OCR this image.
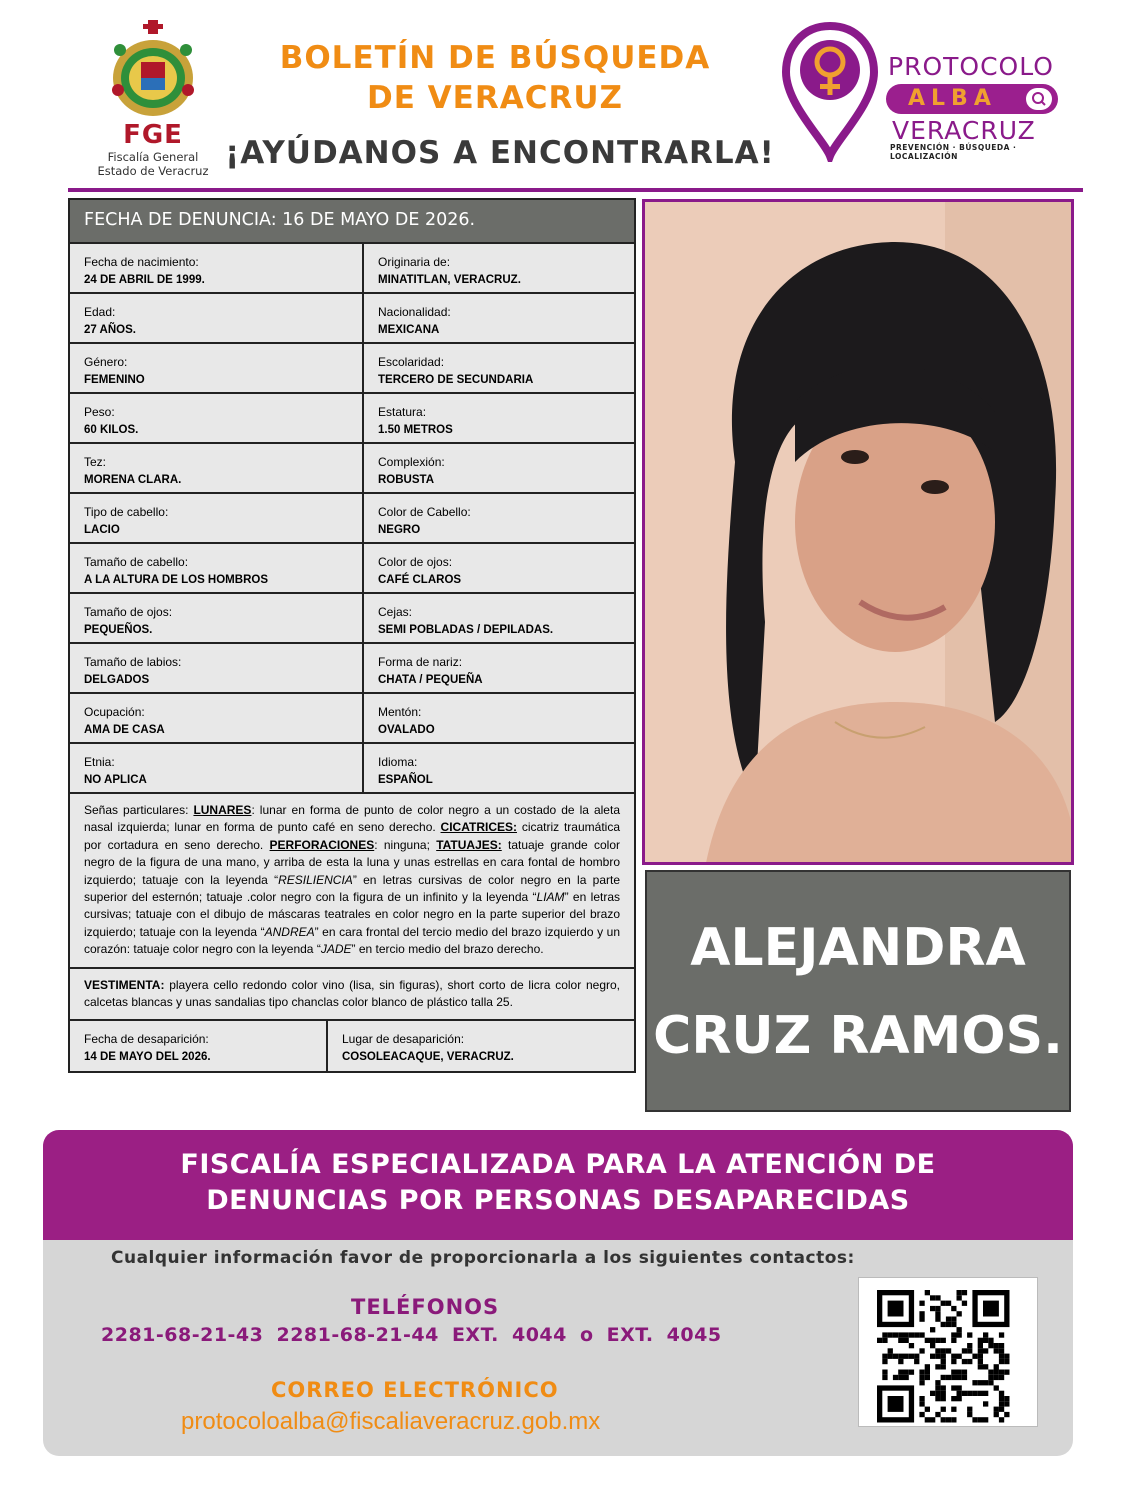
FGE
Fiscalía General
Estado de Veracruz
BOLETÍN DE BÚSQUEDA
DE VERACRUZ
¡AYÚDANOS A ENCONTRARLA!
PROTOCOLO
ALBA
VERACRUZ
PREVENCIÓN · BÚSQUEDA · LOCALIZACIÓN
FECHA DE DENUNCIA: 16 DE MAYO DE 2026.
Fecha de nacimiento:
24 DE ABRIL DE 1999.
Originaria de:
MINATITLAN, VERACRUZ.
Edad:
27 AÑOS.
Nacionalidad:
MEXICANA
Género:
FEMENINO
Escolaridad:
TERCERO DE SECUNDARIA
Peso:
60 KILOS.
Estatura:
1.50 METROS
Tez:
MORENA CLARA.
Complexión:
ROBUSTA
Tipo de cabello:
LACIO
Color de Cabello:
NEGRO
Tamaño de cabello:
A LA ALTURA DE LOS HOMBROS
Color de ojos:
CAFÉ CLAROS
Tamaño de ojos:
PEQUEÑOS.
Cejas:
SEMI POBLADAS / DEPILADAS.
Tamaño de labios:
DELGADOS
Forma de nariz:
CHATA / PEQUEÑA
Ocupación:
AMA DE CASA
Mentón:
OVALADO
Etnia:
NO APLICA
Idioma:
ESPAÑOL
Señas particulares: LUNARES: lunar en forma de punto de color negro a un costado de la aleta nasal izquierda; lunar en forma de punto café en seno derecho. CICATRICES: cicatriz traumática por cortadura en seno derecho. PERFORACIONES: ninguna; TATUAJES: tatuaje grande color negro de la figura de una mano, y arriba de esta la luna y unas estrellas en cara fontal de hombro izquierdo; tatuaje con la leyenda “RESILIENCIA” en letras cursivas de color negro en la parte superior del esternón; tatuaje .color negro con la figura de un infinito y la leyenda “LIAM” en letras cursivas; tatuaje con el dibujo de máscaras teatrales en color negro en la parte superior del brazo izquierdo; tatuaje con la leyenda “ANDREA” en cara frontal del tercio medio del brazo izquierdo y un corazón: tatuaje color negro con la leyenda “JADE” en tercio medio del brazo derecho.
VESTIMENTA: playera cello redondo color vino (lisa, sin figuras), short corto de licra color negro, calcetas blancas y unas sandalias tipo chanclas color blanco de plástico talla 25.
Fecha de desaparición:
14 DE MAYO DEL 2026.
Lugar de desaparición:
COSOLEACAQUE, VERACRUZ.
ALEJANDRA
CRUZ RAMOS.
FISCALÍA ESPECIALIZADA PARA LA ATENCIÓN DE
DENUNCIAS POR PERSONAS DESAPARECIDAS
Cualquier información favor de proporcionarla a los siguientes contactos:
TELÉFONOS
2281-68-21-43 2281-68-21-44 EXT. 4044 o EXT. 4045
CORREO ELECTRÓNICO
protocoloalba@fiscaliaveracruz.gob.mx
